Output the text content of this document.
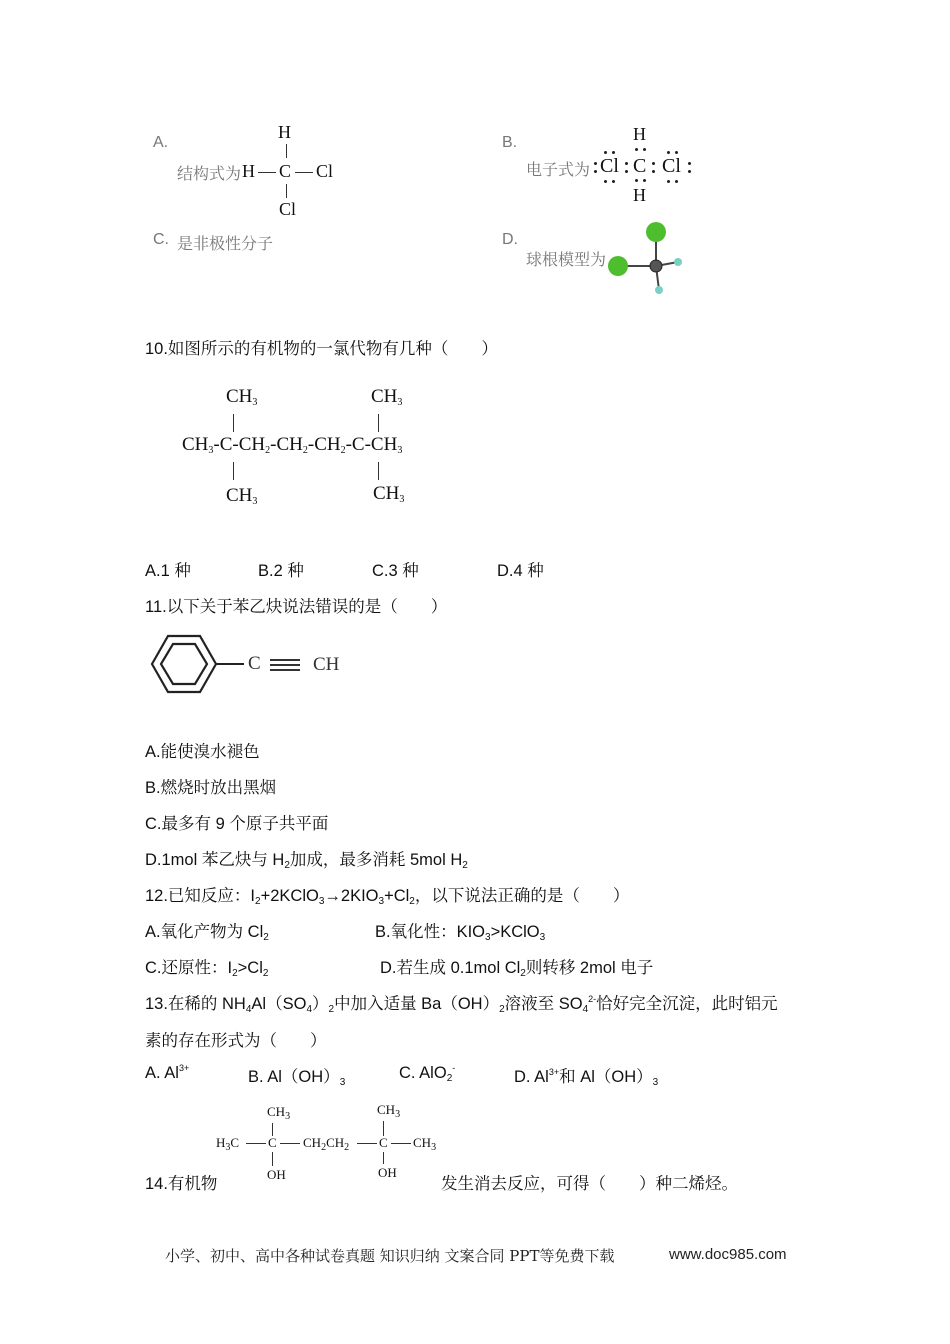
A.
结构式为
H
H C Cl
Cl
B.
电子式为
H
Cl C Cl
H
C. 是非极性分子	D.
球根模型为
10.如图所示的有机物的一氯代物有几种（　　）
$CH_3$	$CH_3$
$CH_3-C-CH_2-CH_2-CH_2-C-CH_3$
$CH_3$	$CH_3$
A.1 种	B.2 种	C.3 种	D.4 种
11.以下关于苯乙炔说法错误的是（　　）
C	CH
A.能使溴水褪色
B.燃烧时放出黑烟
C.最多有 9 个原子共平面
D.1mol 苯乙炔与 $H_2$加成，最多消耗 5mol $H_2$
12.已知反应：$I_2+2KClO_3\to 2KIO_3+Cl_2$，以下说法正确的是（　　）
A.氧化产物为 $Cl_2$	B.氧化性：$KIO_3>KClO_3$
C.还原性：$I_2>Cl_2$	D.若生成 0.1mol $Cl_2$则转移 2mol 电子
13.在稀的 $NH_4Al(SO_4)_2$中加入适量 $Ba(OH)_2$溶液至 $SO_4^{2-}$恰好完全沉淀，此时铝元
素的存在形式为（　　）
A. $Al^{3+}$	B. $Al(OH)_3$
C. AlO$_2$-	D. $Al^{3+}$和 $Al(OH)_3$
14.有机物
$CH_3$	$CH_3$
$H_3C$ C $CH_2CH_2$ C $CH_3$
OH	OH
发生消去反应，可得（　　）种二烯烃。
小学、初中、高中各种试卷真题 知识归纳 文案合同 PPT等免费下载	www.doc985.com
